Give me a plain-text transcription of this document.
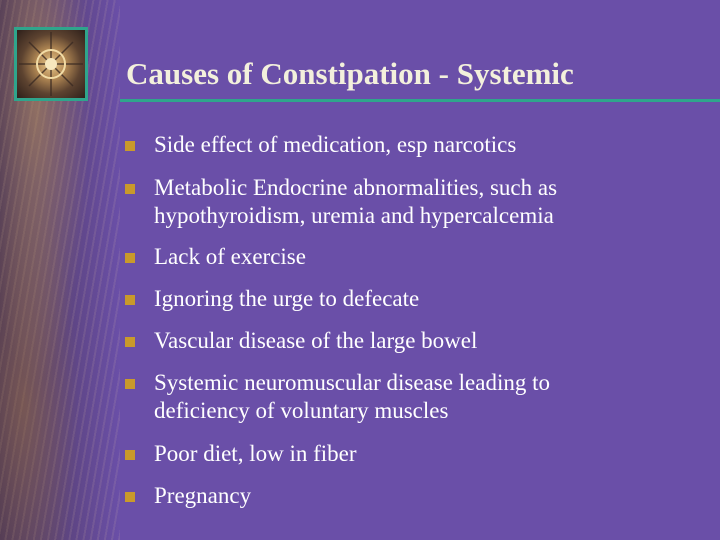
Causes of Constipation - Systemic
Side effect of medication, esp narcotics
Metabolic Endocrine abnormalities, such as
hypothyroidism, uremia and hypercalcemia
Lack of exercise
Ignoring the urge to defecate
Vascular disease of the large bowel
Systemic neuromuscular disease leading to
deficiency of voluntary muscles
Poor diet, low in fiber
Pregnancy
